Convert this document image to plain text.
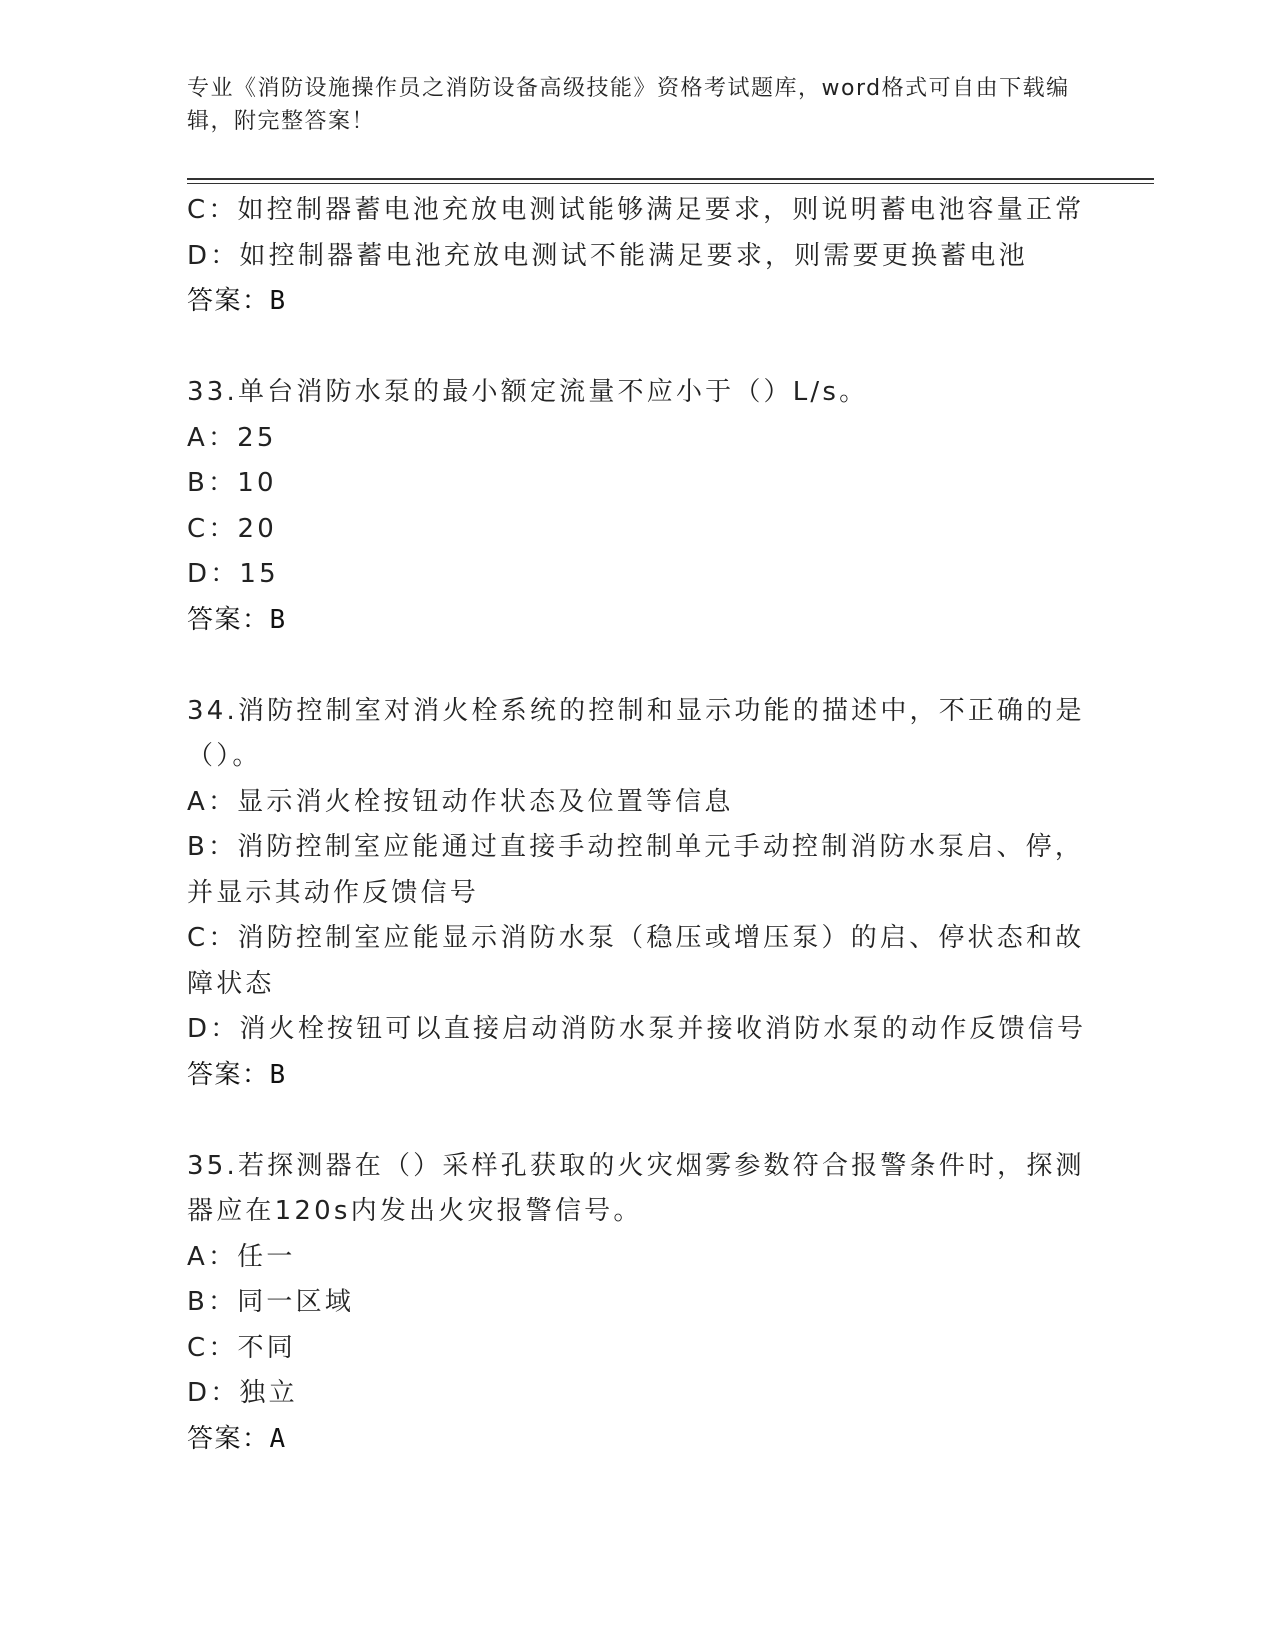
专业《消防设施操作员之消防设备高级技能》资格考试题库，word格式可自由下载编辑，附完整答案！
C：如控制器蓄电池充放电测试能够满足要求，则说明蓄电池容量正常
D：如控制器蓄电池充放电测试不能满足要求，则需要更换蓄电池
答案：B
33.单台消防水泵的最小额定流量不应小于（）L/s。
A：25
B：10
C：20
D：15
答案：B
34.消防控制室对消火栓系统的控制和显示功能的描述中，不正确的是（）。
A：显示消火栓按钮动作状态及位置等信息
B：消防控制室应能通过直接手动控制单元手动控制消防水泵启、停，并显示其动作反馈信号
C：消防控制室应能显示消防水泵（稳压或增压泵）的启、停状态和故障状态
D：消火栓按钮可以直接启动消防水泵并接收消防水泵的动作反馈信号
答案：B
35.若探测器在（）采样孔获取的火灾烟雾参数符合报警条件时，探测器应在120s内发出火灾报警信号。
A：任一
B：同一区域
C：不同
D：独立
答案：A
